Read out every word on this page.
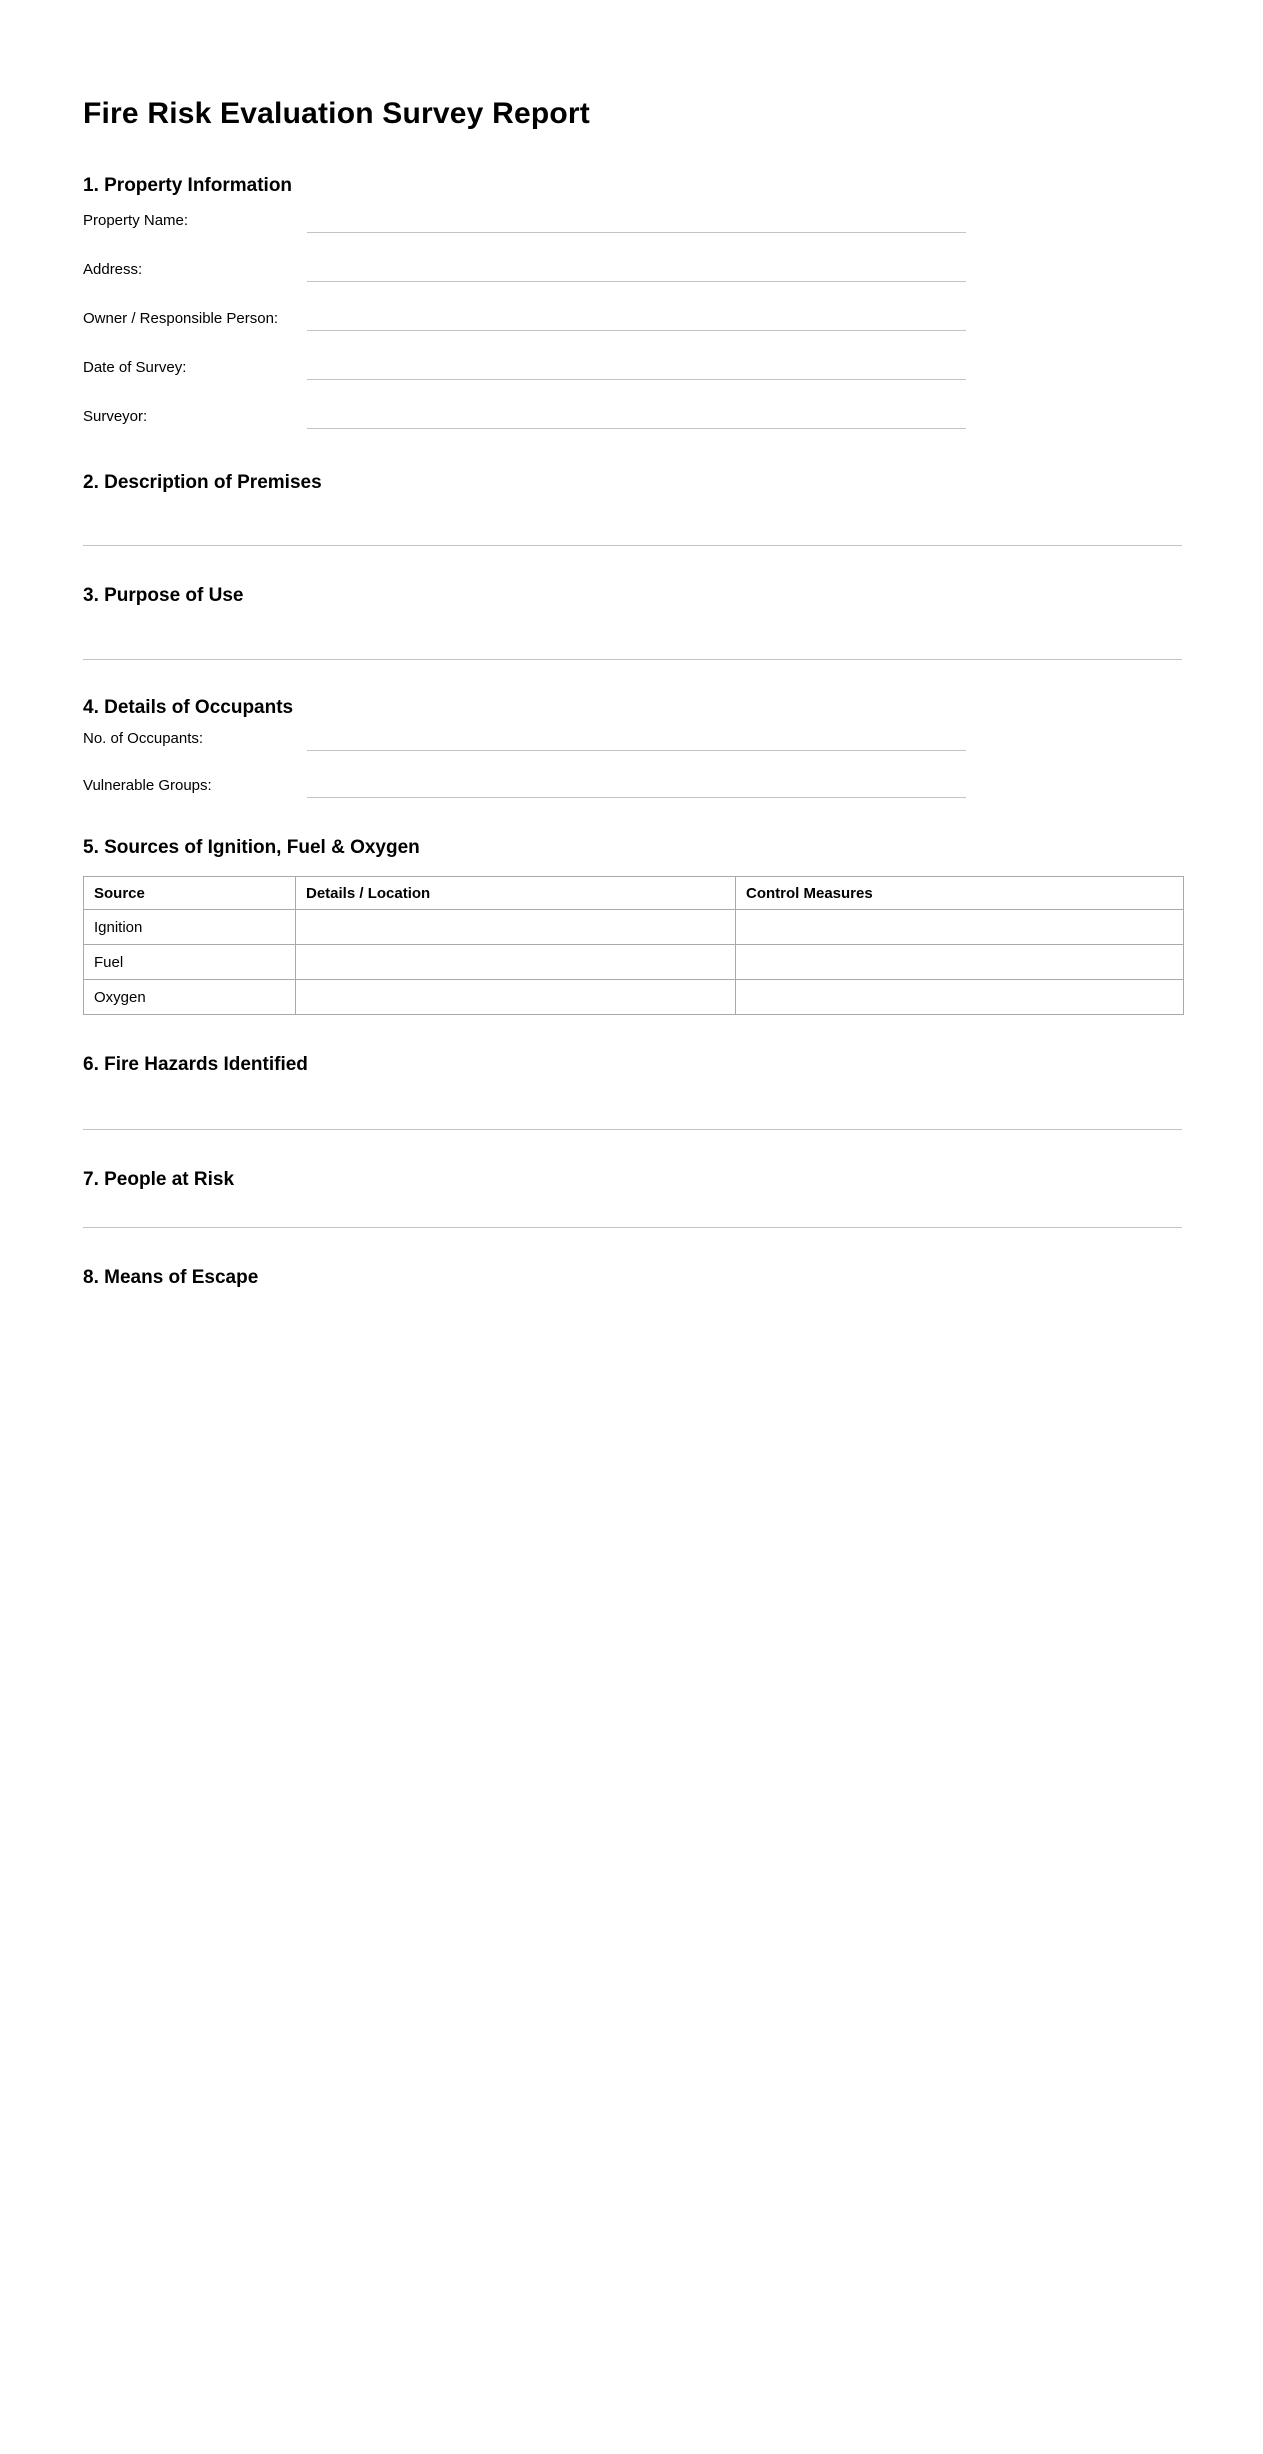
Fire Risk Evaluation Survey Report
1. Property Information
Property Name:
Address:
Owner / Responsible Person:
Date of Survey:
Surveyor:
2. Description of Premises
3. Purpose of Use
4. Details of Occupants
No. of Occupants:
Vulnerable Groups:
5. Sources of Ignition, Fuel & Oxygen
Source	Details / Location	Control Measures
Ignition		
Fuel		
Oxygen		
6. Fire Hazards Identified
7. People at Risk
8. Means of Escape
